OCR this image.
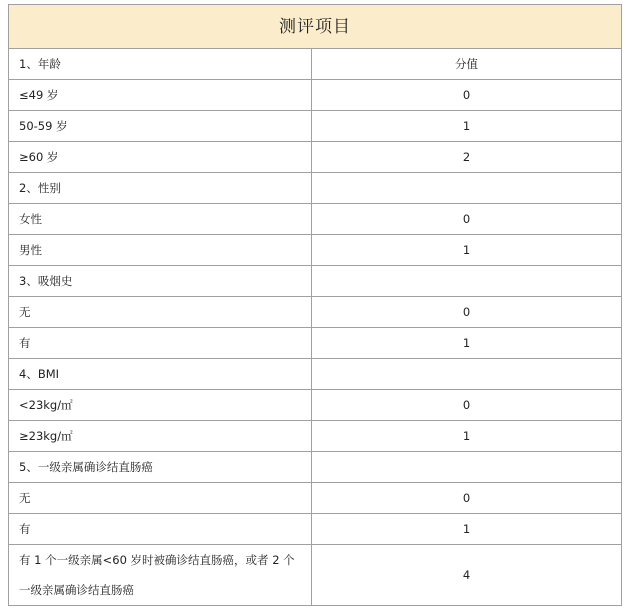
测评项目	
1、年龄	分值
≤49 岁	0
50-59 岁	1
≥60 岁	2
2、性别	
女性	0
男性	1
3、吸烟史	
无	0
有	1
4、BMI	
<23kg/㎡	0
≥23kg/㎡	1
5、一级亲属确诊结直肠癌	
无	0
有	1
有 1 个一级亲属<60 岁时被确诊结直肠癌，或者 2 个一级亲属确诊结直肠癌	4
